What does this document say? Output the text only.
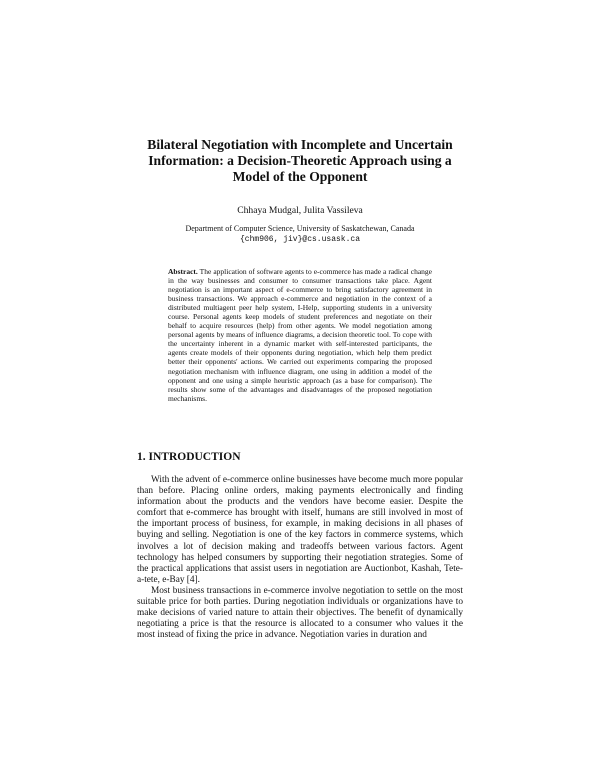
Bilateral Negotiation with Incomplete and Uncertain Information: a Decision-Theoretic Approach using a Model of the Opponent
Chhaya Mudgal, Julita Vassileva
Department of Computer Science, University of Saskatchewan, Canada
{chm906, jiv}@cs.usask.ca

Abstract. The application of software agents to e-commerce has made a radical change in the way businesses and consumer to consumer transactions take place. Agent negotiation is an important aspect of e-commerce to bring satisfactory agreement in business transactions. We approach e-commerce and negotiation in the context of a distributed multiagent peer help system, I-Help, supporting students in a university course. Personal agents keep models of student preferences and negotiate on their behalf to acquire resources (help) from other agents. We model negotiation among personal agents by means of influence diagrams, a decision theoretic tool. To cope with the uncertainty inherent in a dynamic market with self-interested participants, the agents create models of their opponents during negotiation, which help them predict better their opponents' actions. We carried out experiments comparing the proposed negotiation mechanism with influence diagram, one using in addition a model of the opponent and one using a simple heuristic approach (as a base for comparison). The results show some of the advantages and disadvantages of the proposed negotiation mechanisms.

1. INTRODUCTION

With the advent of e-commerce online businesses have become much more popular than before. Placing online orders, making payments electronically and finding information about the products and the vendors have become easier. Despite the comfort that e-commerce has brought with itself, humans are still involved in most of the important process of business, for example, in making decisions in all phases of buying and selling. Negotiation is one of the key factors in commerce systems, which involves a lot of decision making and tradeoffs between various factors. Agent technology has helped consumers by supporting their negotiation strategies. Some of the practical applications that assist users in negotiation are Auctionbot, Kashah, Tete-a-tete, e-Bay [4].

Most business transactions in e-commerce involve negotiation to settle on the most suitable price for both parties. During negotiation individuals or organizations have to make decisions of varied nature to attain their objectives. The benefit of dynamically negotiating a price is that the resource is allocated to a consumer who values it the most instead of fixing the price in advance. Negotiation varies in duration and
